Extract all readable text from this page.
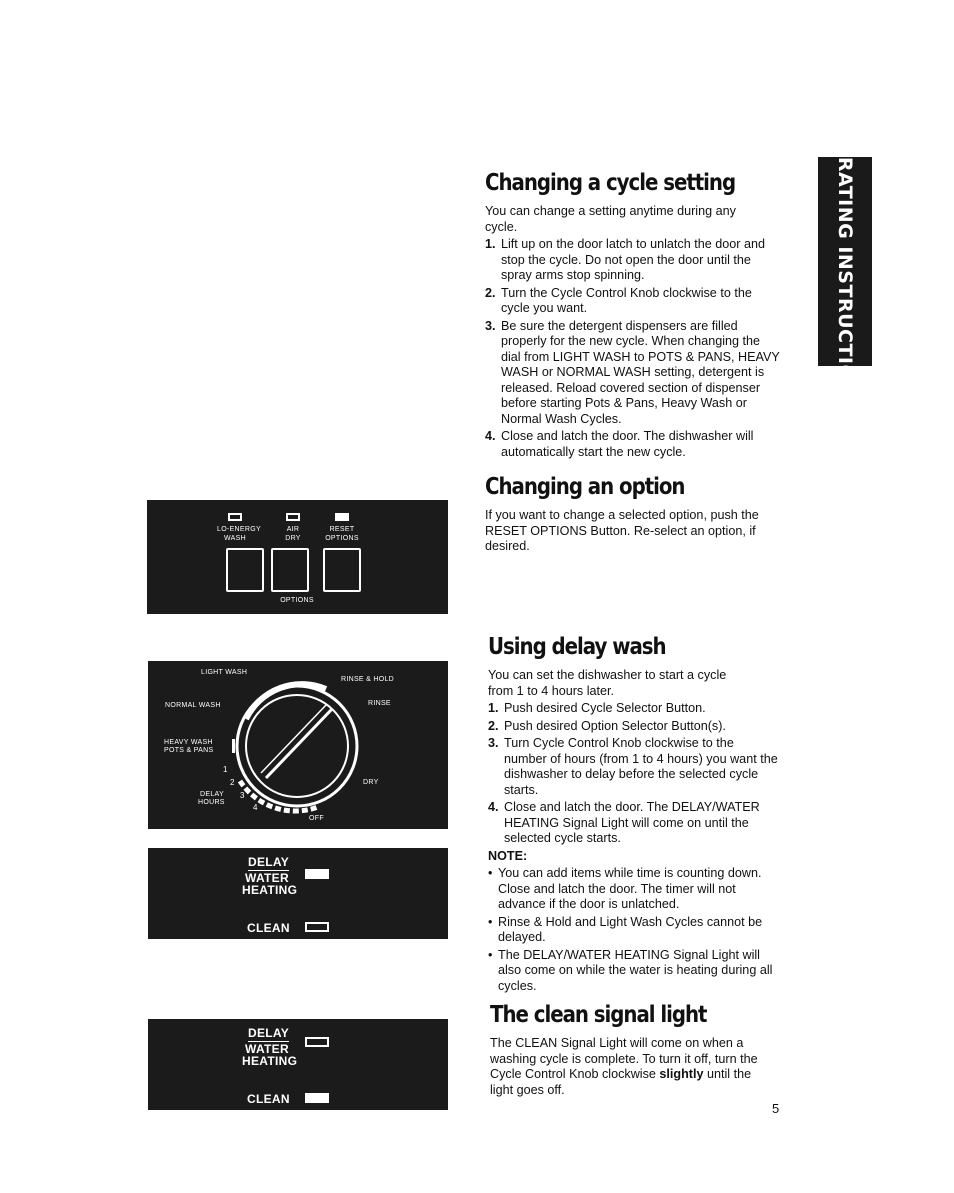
OPERATING INSTRUCTIONS
Changing a cycle setting

You can change a setting anytime during any cycle.

1. Lift up on the door latch to unlatch the door and stop the cycle. Do not open the door until the spray arms stop spinning.
2. Turn the Cycle Control Knob clockwise to the cycle you want.
3. Be sure the detergent dispensers are filled properly for the new cycle. When changing the dial from LIGHT WASH to POTS & PANS, HEAVY WASH or NORMAL WASH setting, detergent is released. Reload covered section of dispenser before starting Pots & Pans, Heavy Wash or Normal Wash Cycles.
4. Close and latch the door. The dishwasher will automatically start the new cycle.
Changing an option

If you want to change a selected option, push the RESET OPTIONS Button. Re-select an option, if desired.

Using delay wash

You can set the dishwasher to start a cycle from 1 to 4 hours later.

1. Push desired Cycle Selector Button.
2. Push desired Option Selector Button(s).
3. Turn Cycle Control Knob clockwise to the number of hours (from 1 to 4 hours) you want the dishwasher to delay before the selected cycle starts.
4. Close and latch the door. The DELAY/WATER HEATING Signal Light will come on until the selected cycle starts.
NOTE:
• You can add items while time is counting down. Close and latch the door. The timer will not advance if the door is unlatched.
• Rinse & Hold and Light Wash Cycles cannot be delayed.
• The DELAY/WATER HEATING Signal Light will also come on while the water is heating during all cycles.
The clean signal light

The CLEAN Signal Light will come on when a washing cycle is complete. To turn it off, turn the Cycle Control Knob clockwise slightly until the light goes off.

5
LO-ENERGY
WASH
AIR
DRY
RESET
OPTIONS
OPTIONS
LIGHT WASH
NORMAL WASH
HEAVY WASH
POTS & PANS
DELAY
HOURS
RINSE & HOLD
RINSE
DRY
OFF
1
2
3
4
DELAY
WATER
HEATING
CLEAN
DELAY
WATER
HEATING
CLEAN
